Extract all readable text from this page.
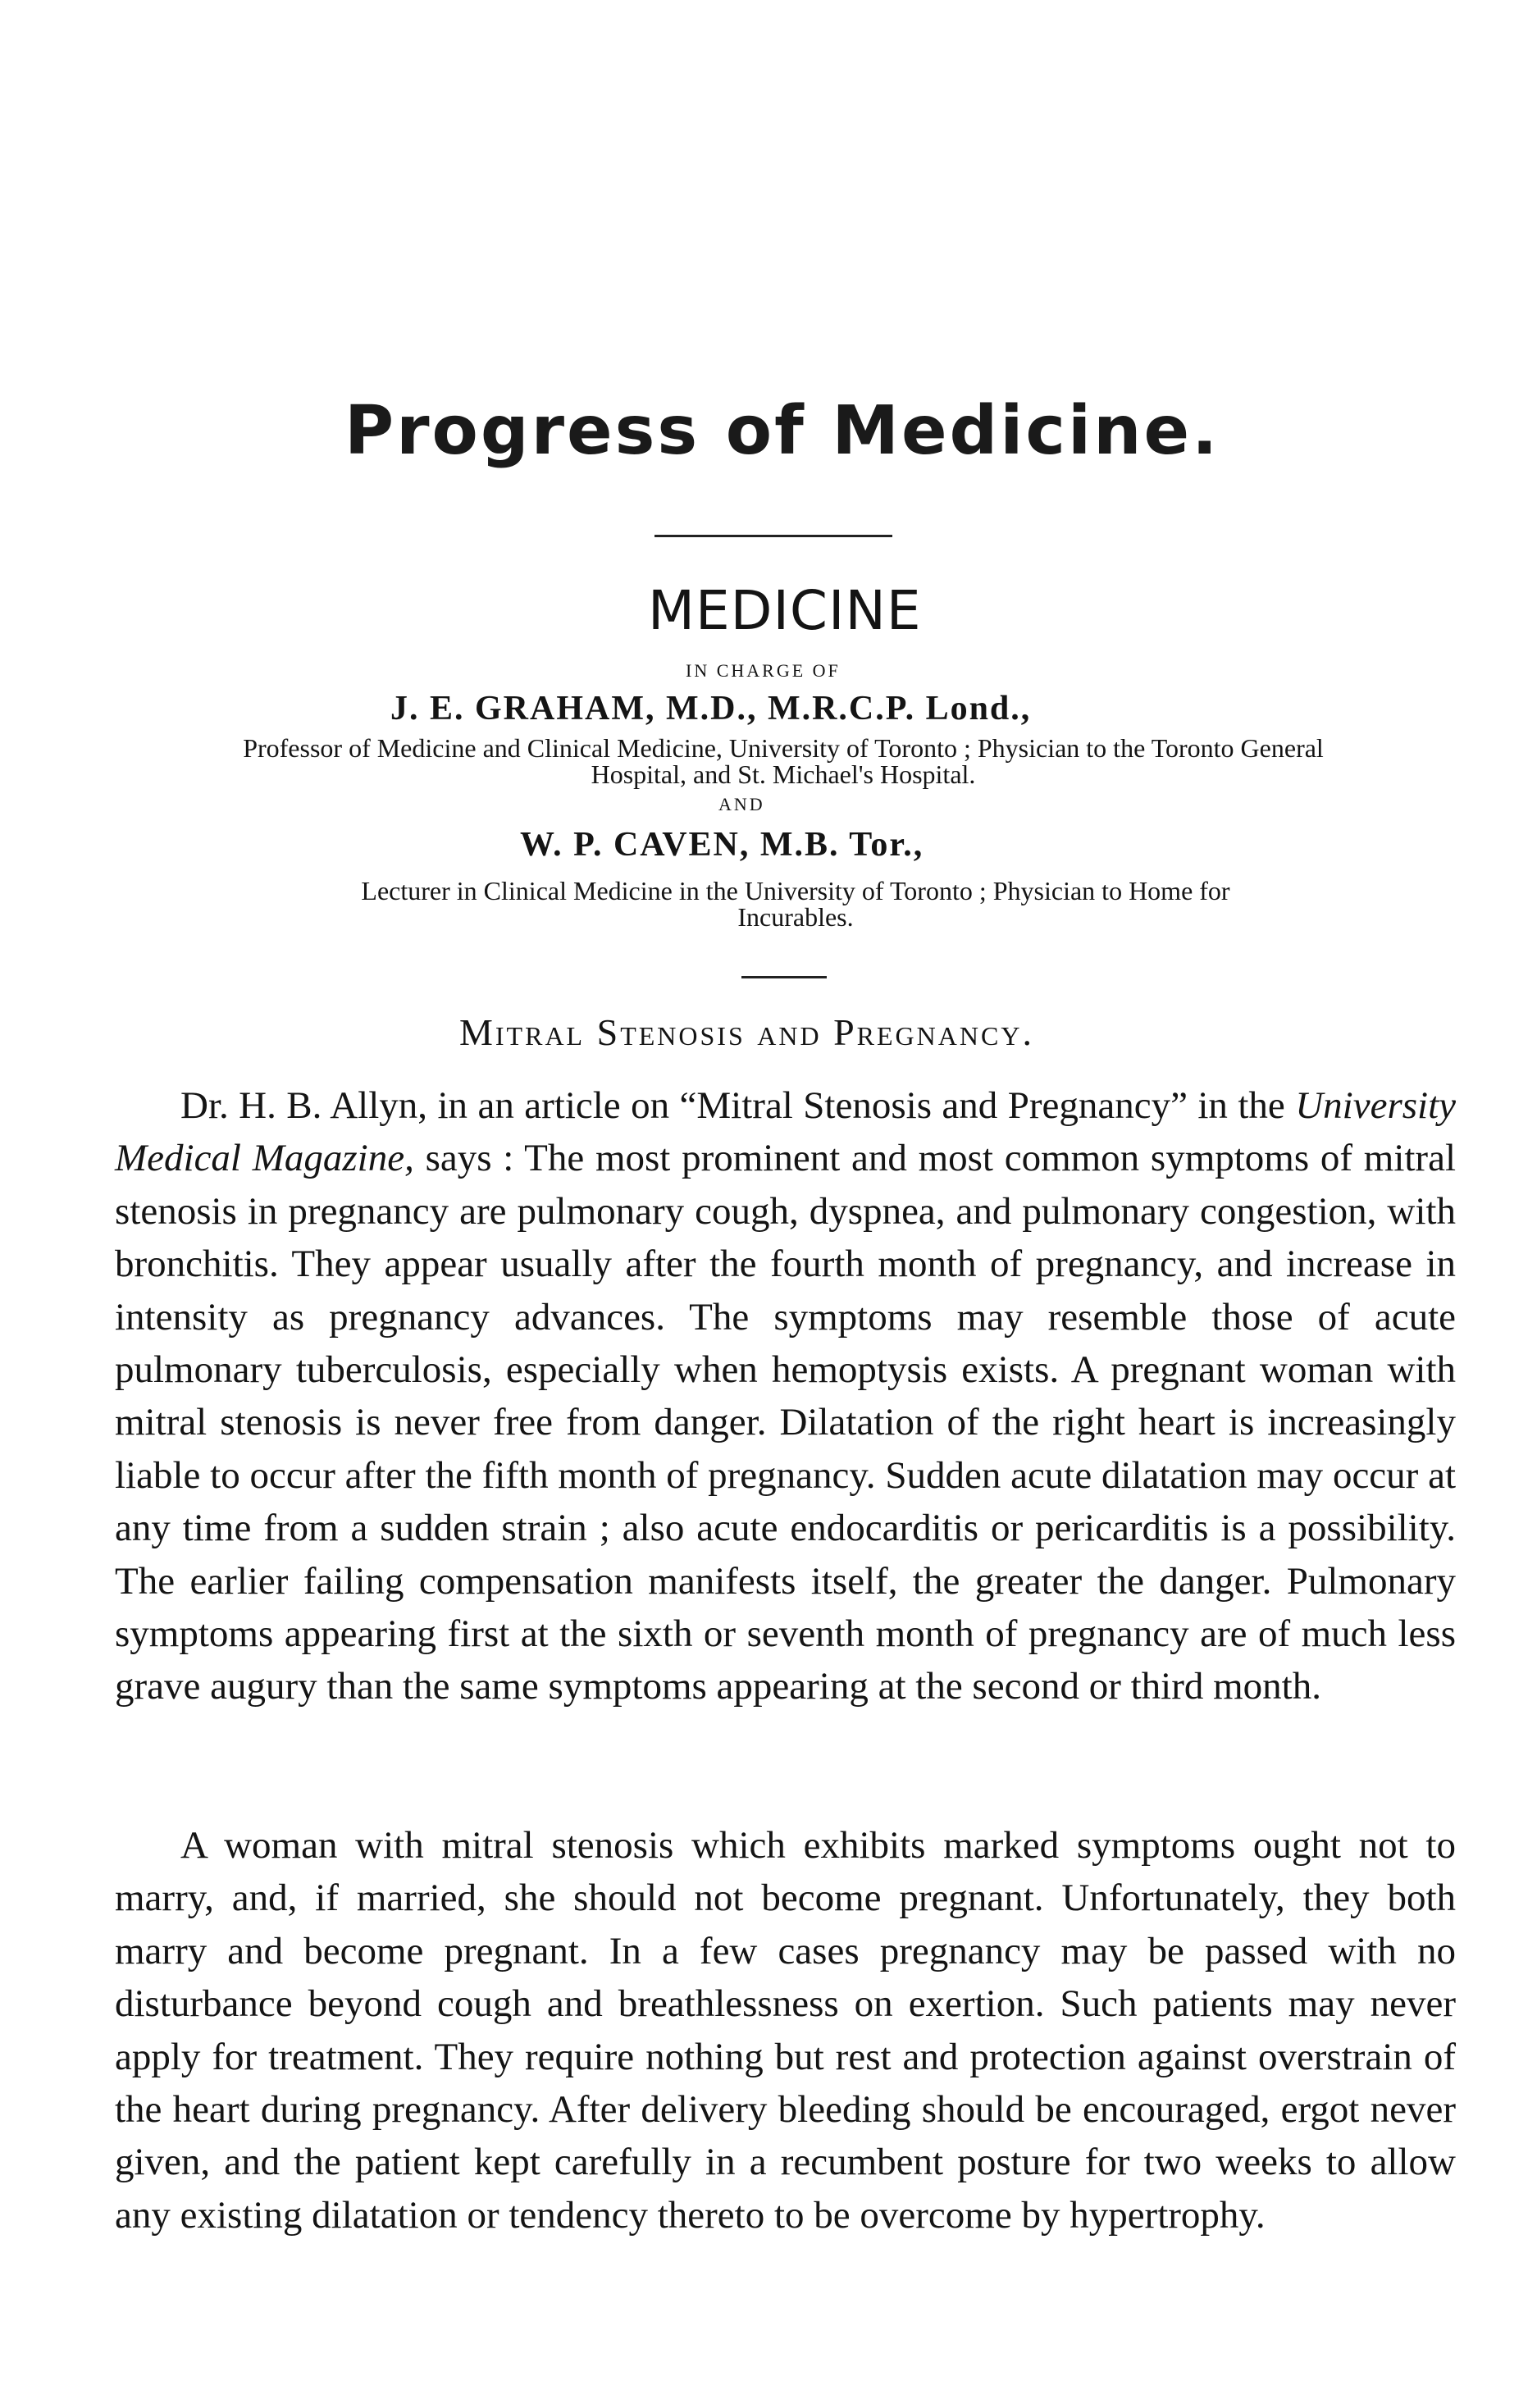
Progress of Medicine.
MEDICINE
IN CHARGE OF
J. E. GRAHAM, M.D., M.R.C.P. Lond.,
Professor of Medicine and Clinical Medicine, University of Toronto ; Physician to the Toronto General Hospital, and St. Michael's Hospital.
AND
W. P. CAVEN, M.B. Tor.,
Lecturer in Clinical Medicine in the University of Toronto ; Physician to Home for Incurables.
Mitral Stenosis and Pregnancy.

Dr. H. B. Allyn, in an article on “Mitral Stenosis and Pregnancy” in the University Medical Magazine, says : The most prominent and most common symptoms of mitral stenosis in pregnancy are pulmonary cough, dyspnea, and pulmonary congestion, with bronchitis. They appear usually after the fourth month of pregnancy, and increase in intensity as pregnancy advances. The symptoms may resemble those of acute pulmonary tuberculosis, especially when hemoptysis exists. A pregnant woman with mitral stenosis is never free from danger. Dilatation of the right heart is increasingly liable to occur after the fifth month of pregnancy. Sudden acute dilatation may occur at any time from a sudden strain ; also acute endocarditis or pericarditis is a possibility. The earlier failing compensation manifests itself, the greater the danger. Pulmonary symptoms appearing first at the sixth or seventh month of pregnancy are of much less grave augury than the same symptoms appearing at the second or third month.

A woman with mitral stenosis which exhibits marked symptoms ought not to marry, and, if married, she should not become pregnant. Unfortunately, they both marry and become pregnant. In a few cases pregnancy may be passed with no disturbance beyond cough and breathlessness on exertion. Such patients may never apply for treatment. They require nothing but rest and protection against overstrain of the heart during pregnancy. After delivery bleeding should be encouraged, ergot never given, and the patient kept carefully in a recumbent posture for two weeks to allow any existing dilatation or tendency thereto to be overcome by hypertrophy.
